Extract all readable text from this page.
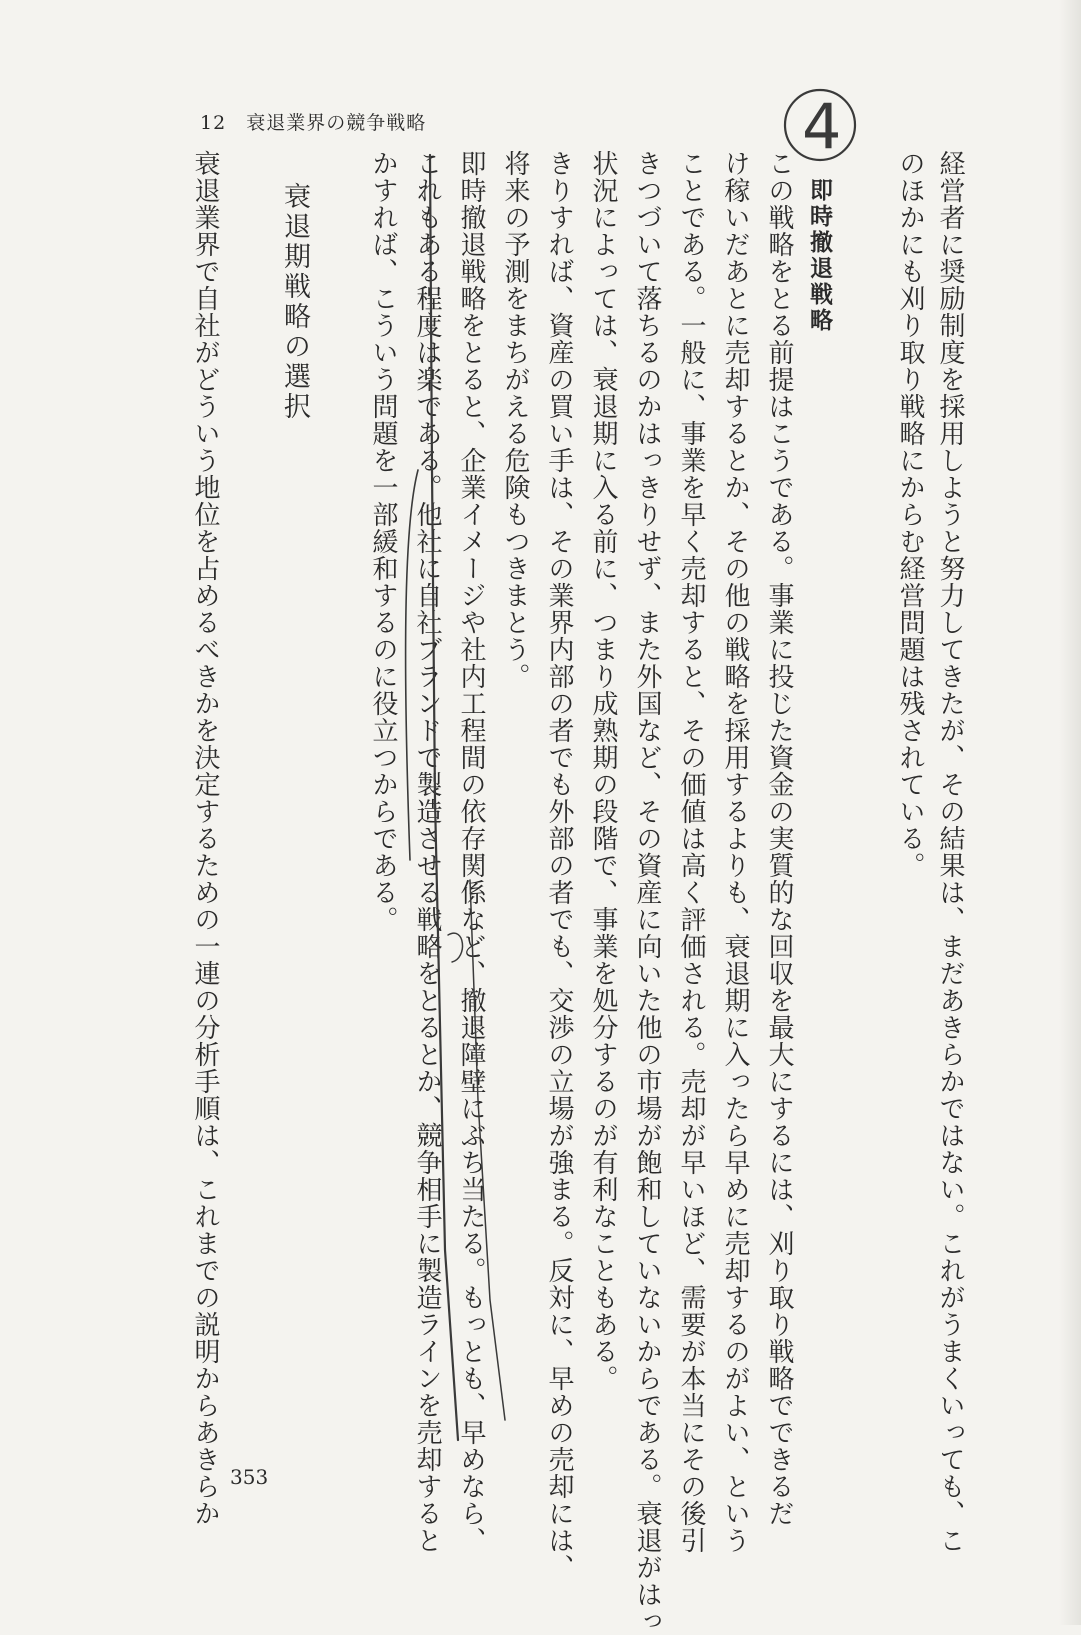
12 衰退業界の競争戦略
経営者に奨励制度を採用しようと努力してきたが、その結果は、まだあきらかではない。これがうまくいっても、こ
のほかにも刈り取り戦略にからむ経営問題は残されている。
即時撤退戦略
この戦略をとる前提はこうである。事業に投じた資金の実質的な回収を最大にするには、刈り取り戦略でできるだ
け稼いだあとに売却するとか、その他の戦略を採用するよりも、衰退期に入ったら早めに売却するのがよい、という
ことである。一般に、事業を早く売却すると、その価値は高く評価される。売却が早いほど、需要が本当にその後引
きつづいて落ちるのかはっきりせず、また外国など、その資産に向いた他の市場が飽和していないからである。衰退がはっ
状況によっては、衰退期に入る前に、つまり成熟期の段階で、事業を処分するのが有利なこともある。
きりすれば、資産の買い手は、その業界内部の者でも外部の者でも、交渉の立場が強まる。反対に、早めの売却には、
将来の予測をまちがえる危険もつきまとう。
即時撤退戦略をとると、企業イメージや社内工程間の依存関係など、撤退障壁にぶち当たる。もっとも、早めなら、
これもある程度は楽である。他社に自社ブランドで製造させる戦略をとるとか、競争相手に製造ラインを売却すると
かすれば、こういう問題を一部緩和するのに役立つからである。
衰退期戦略の選択
衰退業界で自社がどういう地位を占めるべきかを決定するための一連の分析手順は、これまでの説明からあきらか
4
353
